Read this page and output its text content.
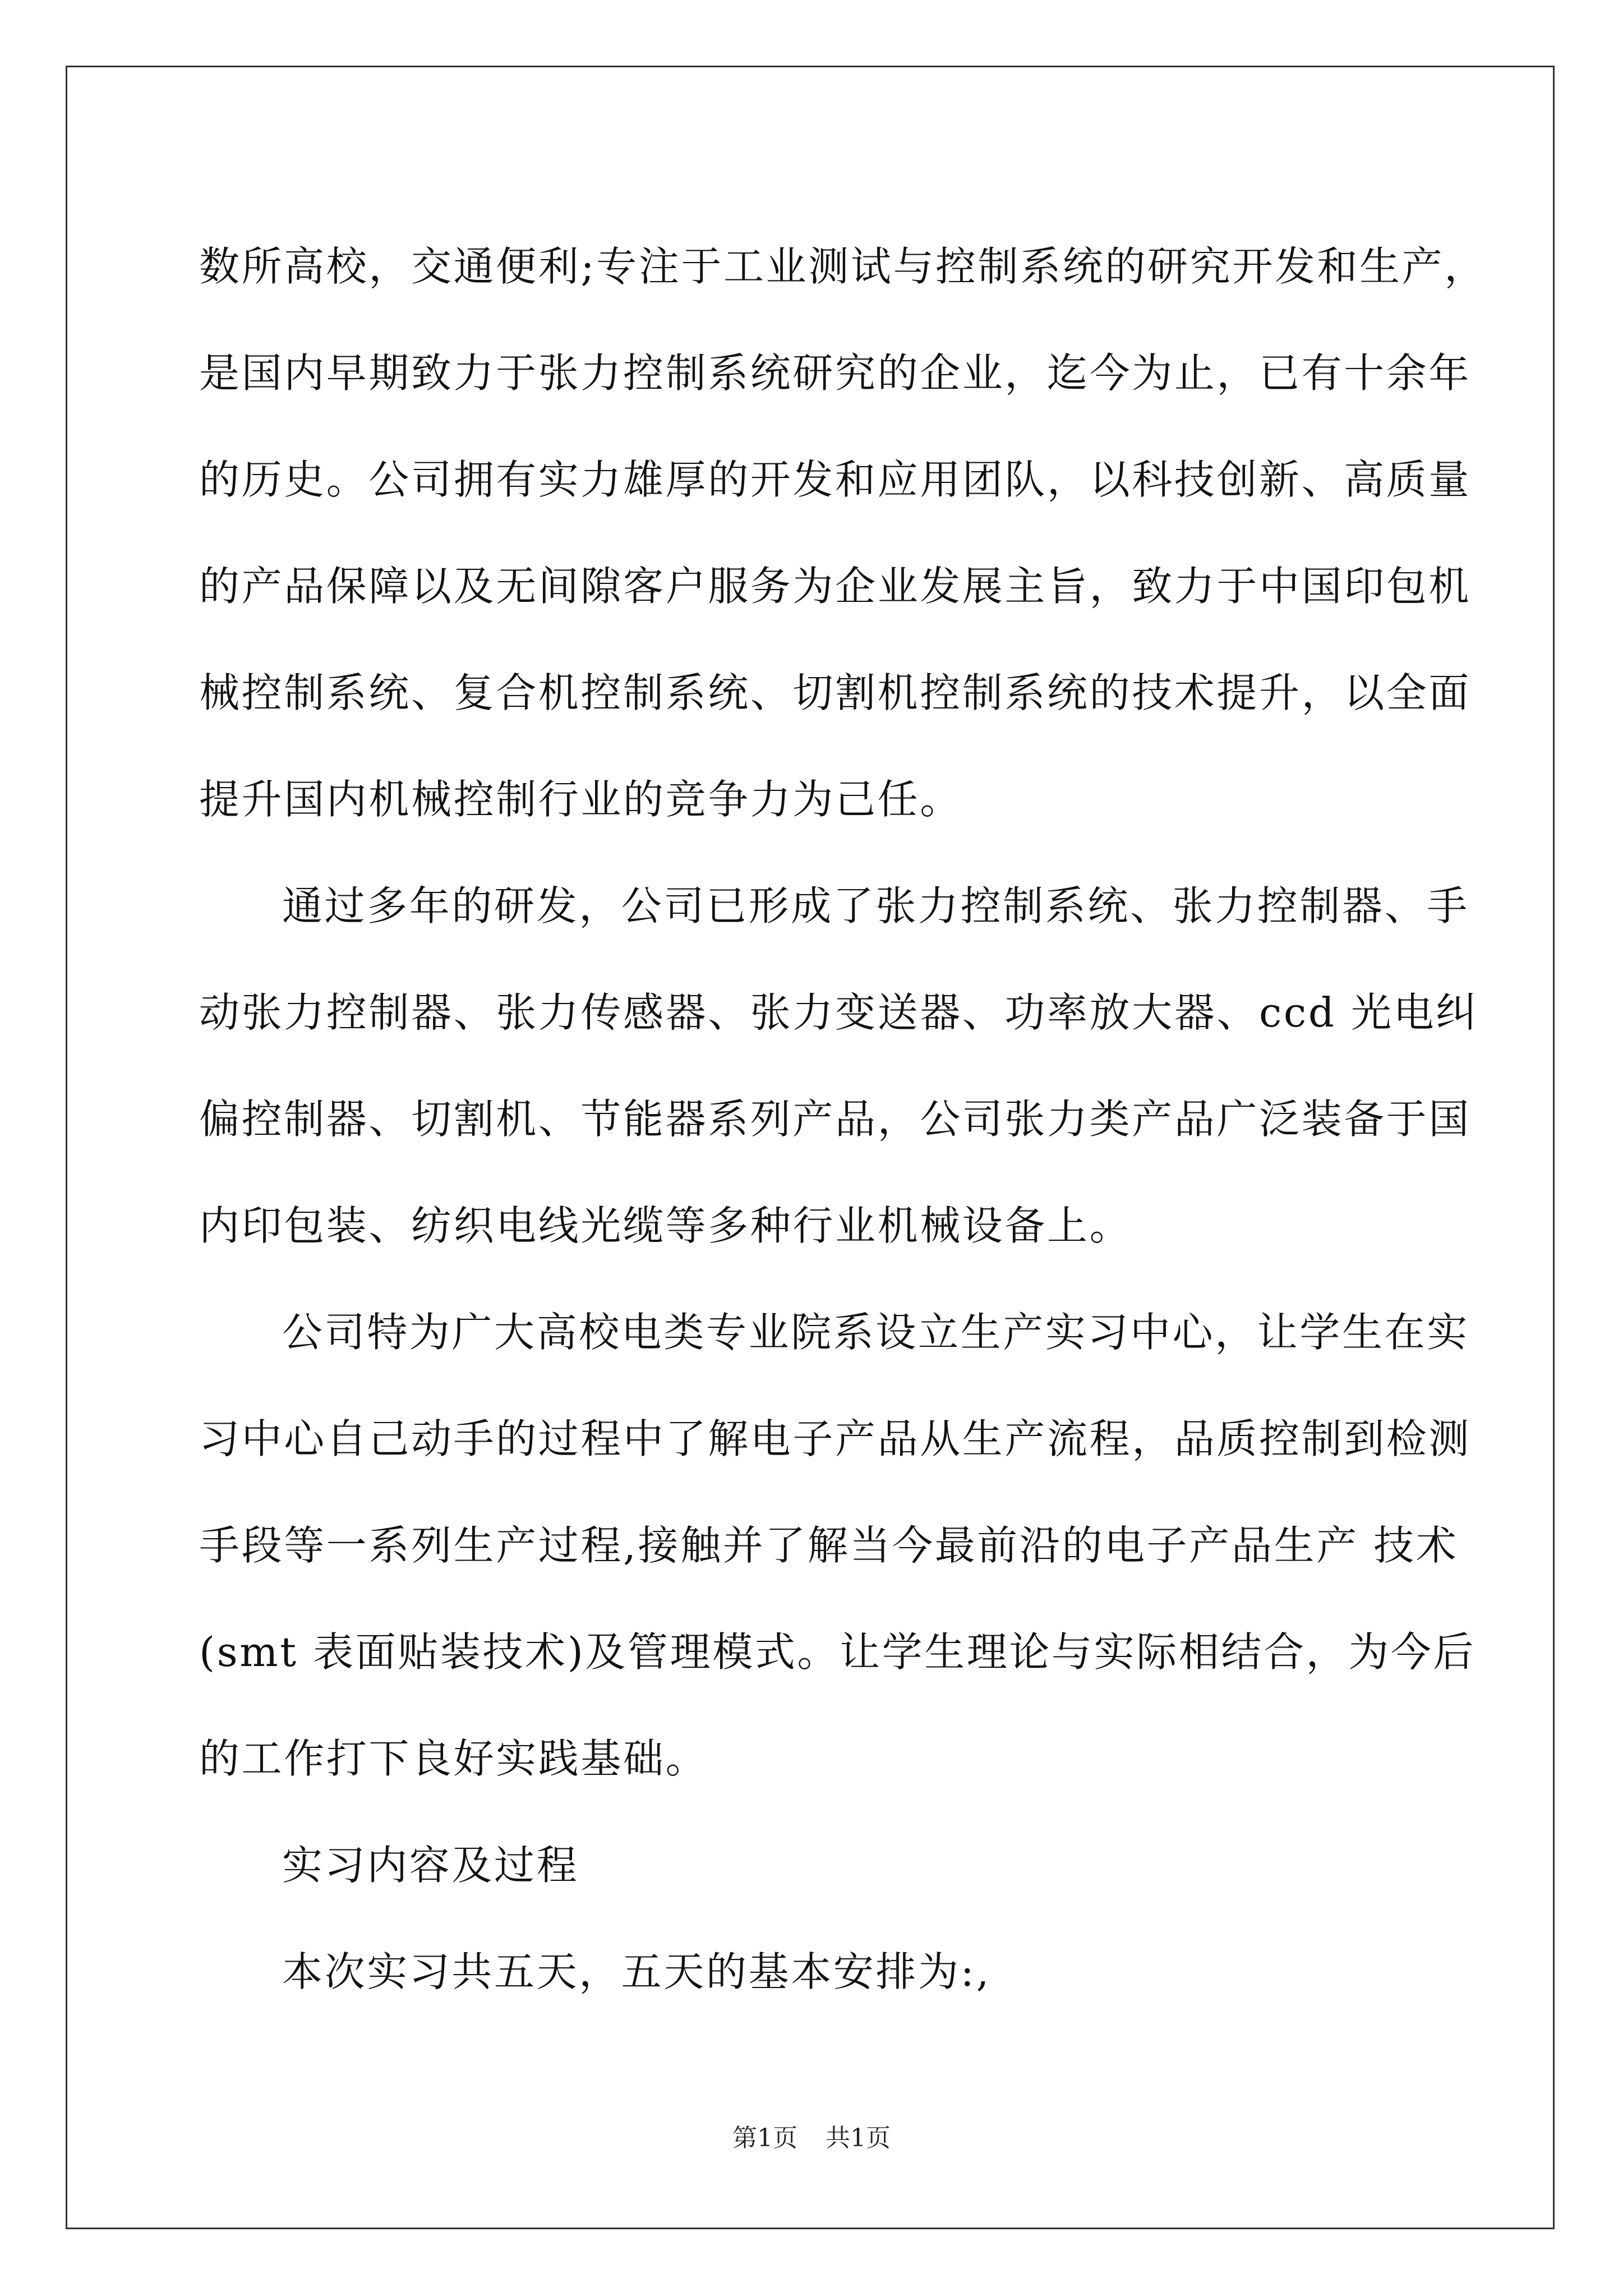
数所高校，交通便利;专注于工业测试与控制系统的研究开发和生产，
是国内早期致力于张力控制系统研究的企业，迄今为止，已有十余年
的历史。公司拥有实力雄厚的开发和应用团队，以科技创新、高质量
的产品保障以及无间隙客户服务为企业发展主旨，致力于中国印包机
械控制系统、复合机控制系统、切割机控制系统的技术提升，以全面
提升国内机械控制行业的竞争力为己任。
通过多年的研发，公司已形成了张力控制系统、张力控制器、手
动张力控制器、张力传感器、张力变送器、功率放大器、ccd 光电纠
偏控制器、切割机、节能器系列产品，公司张力类产品广泛装备于国
内印包装、纺织电线光缆等多种行业机械设备上。
公司特为广大高校电类专业院系设立生产实习中心，让学生在实
习中心自己动手的过程中了解电子产品从生产流程，品质控制到检测
手段等一系列生产过程,接触并了解当今最前沿的电子产品生产 技术
(smt 表面贴装技术)及管理模式。让学生理论与实际相结合，为今后
的工作打下良好实践基础。
实习内容及过程
本次实习共五天，五天的基本安排为:,
第1页 共1页
